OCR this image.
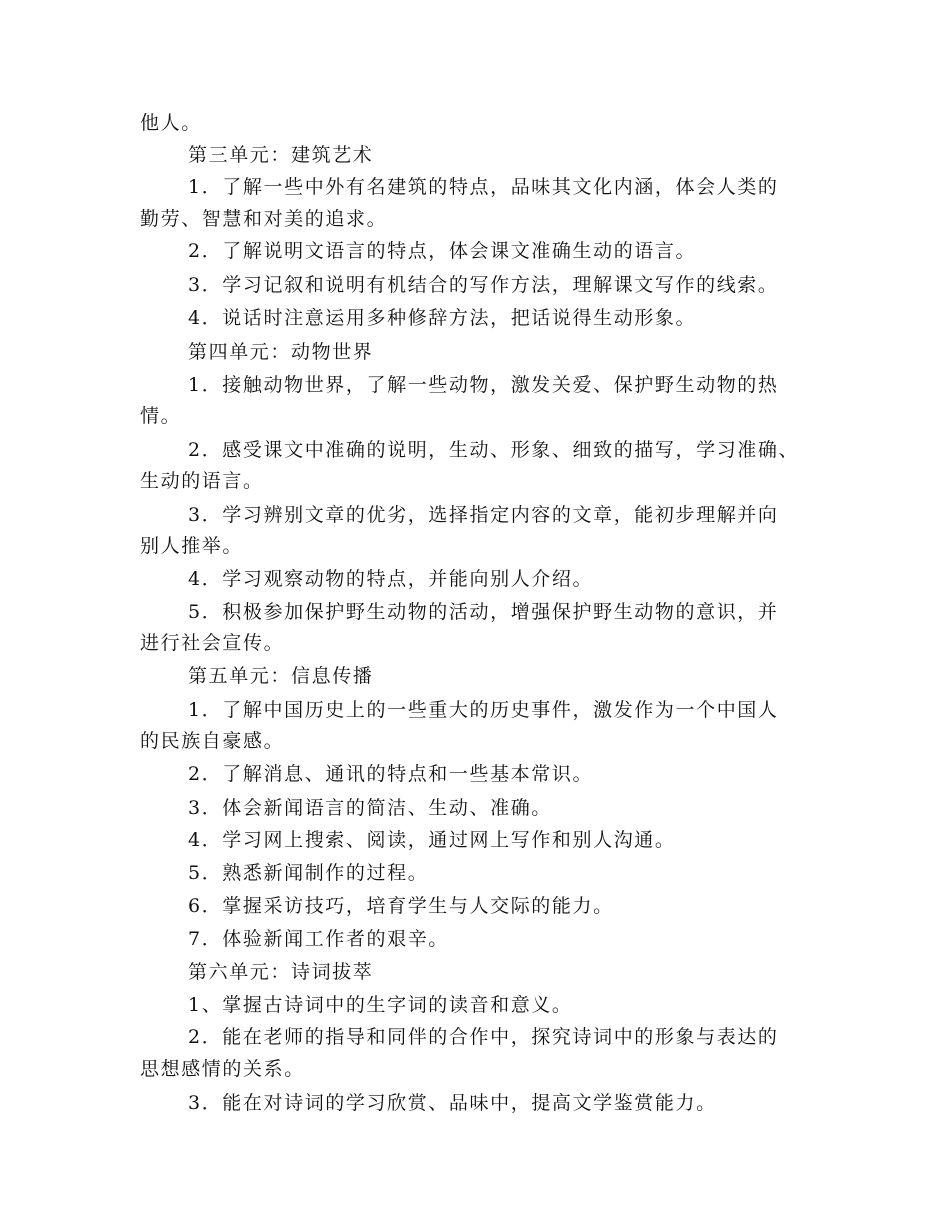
他人。
第三单元：建筑艺术
1．了解一些中外有名建筑的特点，品味其文化内涵，体会人类的
勤劳、智慧和对美的追求。
2．了解说明文语言的特点，体会课文准确生动的语言。
3．学习记叙和说明有机结合的写作方法，理解课文写作的线索。
4．说话时注意运用多种修辞方法，把话说得生动形象。
第四单元：动物世界
1．接触动物世界，了解一些动物，激发关爱、保护野生动物的热
情。
2．感受课文中准确的说明，生动、形象、细致的描写，学习准确、
生动的语言。
3．学习辨别文章的优劣，选择指定内容的文章，能初步理解并向
别人推举。
4．学习观察动物的特点，并能向别人介绍。
5．积极参加保护野生动物的活动，增强保护野生动物的意识，并
进行社会宣传。
第五单元：信息传播
1．了解中国历史上的一些重大的历史事件，激发作为一个中国人
的民族自豪感。
2．了解消息、通讯的特点和一些基本常识。
3．体会新闻语言的简洁、生动、准确。
4．学习网上搜索、阅读，通过网上写作和别人沟通。
5．熟悉新闻制作的过程。
6．掌握采访技巧，培育学生与人交际的能力。
7．体验新闻工作者的艰辛。
第六单元：诗词拔萃
1、掌握古诗词中的生字词的读音和意义。
2．能在老师的指导和同伴的合作中，探究诗词中的形象与表达的
思想感情的关系。
3．能在对诗词的学习欣赏、品味中，提高文学鉴赏能力。
